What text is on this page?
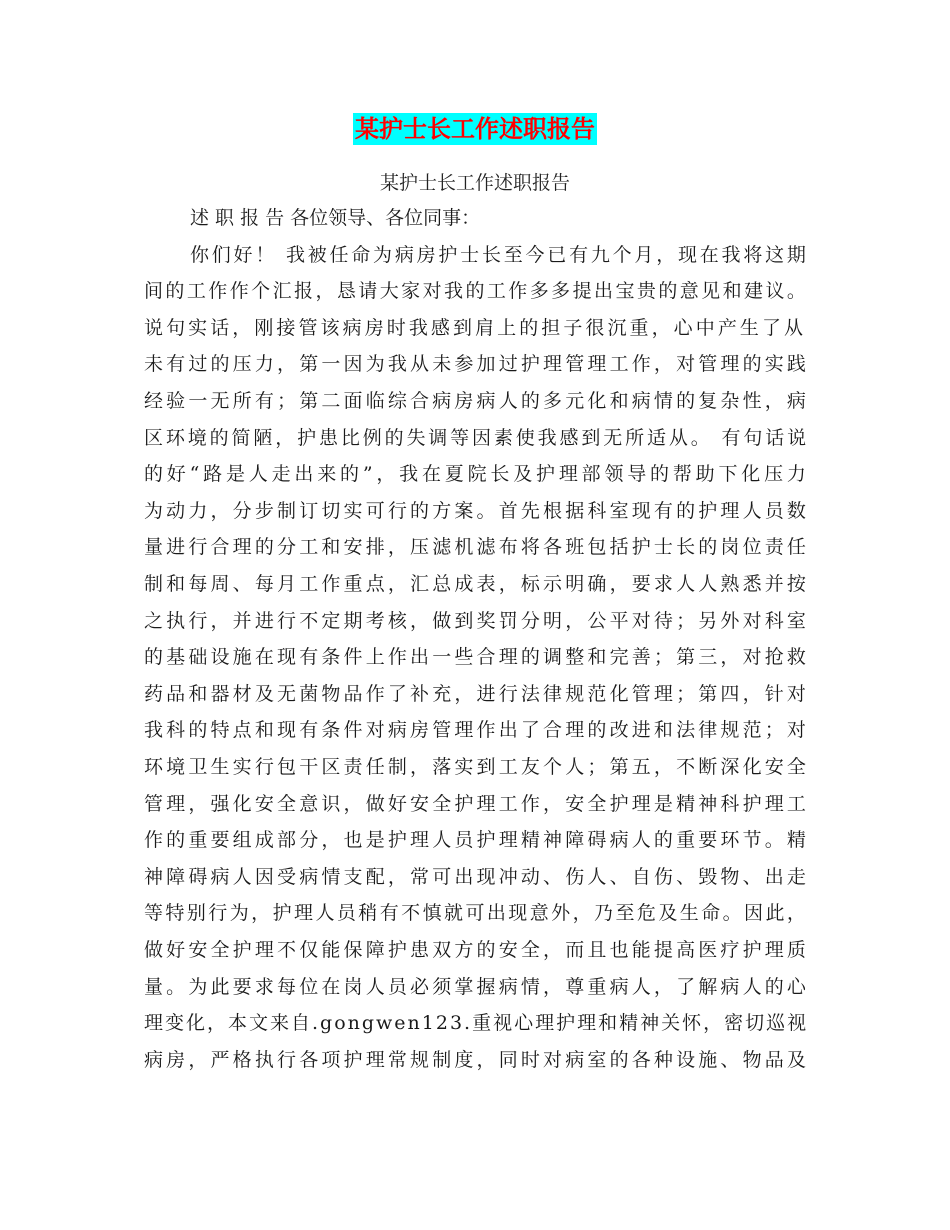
某护士长工作述职报告
某护士长工作述职报告
述 职 报 告 各位领导、各位同事：
你们好！ 我被任命为病房护士长至今已有九个月，现在我将这期
间的工作作个汇报，恳请大家对我的工作多多提出宝贵的意见和建议。
说句实话，刚接管该病房时我感到肩上的担子很沉重，心中产生了从
未有过的压力，第一因为我从未参加过护理管理工作，对管理的实践
经验一无所有；第二面临综合病房病人的多元化和病情的复杂性，病
区环境的简陋，护患比例的失调等因素使我感到无所适从。 有句话说
的好“路是人走出来的”，我在夏院长及护理部领导的帮助下化压力
为动力，分步制订切实可行的方案。首先根据科室现有的护理人员数
量进行合理的分工和安排，压滤机滤布将各班包括护士长的岗位责任
制和每周、每月工作重点，汇总成表，标示明确，要求人人熟悉并按
之执行，并进行不定期考核，做到奖罚分明，公平对待；另外对科室
的基础设施在现有条件上作出一些合理的调整和完善；第三，对抢救
药品和器材及无菌物品作了补充，进行法律规范化管理；第四，针对
我科的特点和现有条件对病房管理作出了合理的改进和法律规范；对
环境卫生实行包干区责任制，落实到工友个人；第五，不断深化安全
管理，强化安全意识，做好安全护理工作，安全护理是精神科护理工
作的重要组成部分，也是护理人员护理精神障碍病人的重要环节。精
神障碍病人因受病情支配，常可出现冲动、伤人、自伤、毁物、出走
等特别行为，护理人员稍有不慎就可出现意外，乃至危及生命。因此，
做好安全护理不仅能保障护患双方的安全，而且也能提高医疗护理质
量。为此要求每位在岗人员必须掌握病情，尊重病人，了解病人的心
理变化，本文来自.gongwen123.重视心理护理和精神关怀，密切巡视
病房，严格执行各项护理常规制度，同时对病室的各种设施、物品及
